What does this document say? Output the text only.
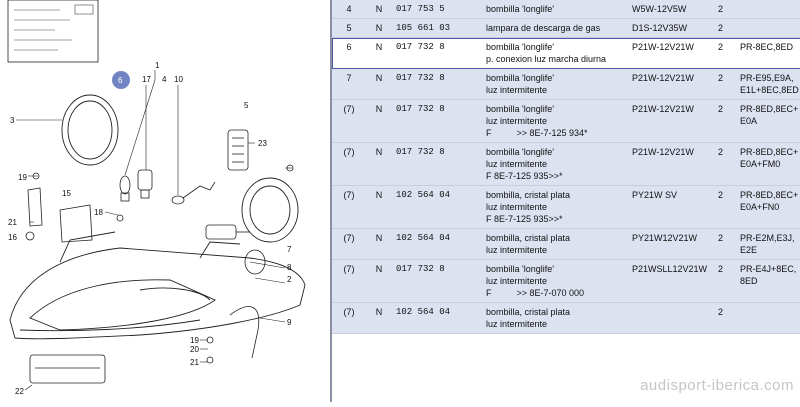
1
2
3
4
5
6
7
8
9
10
15
16
17
18
19
19
20
21
21
22
23
4	N	017 753 5	bombilla 'longlife'	W5W-12V5W	2	
5	N	105 661 03	lampara de descarga de gas	D1S-12V35W	2	
6	N	017 732 8	bombilla 'longlife'
p. conexion luz marcha diurna	P21W-12V21W	2	PR-8EC,8ED

7	N	017 732 8	bombilla 'longlife'
luz intermitente	P21W-12V21W	2	PR-E95,E9A,
E1L+8EC,8ED

(7)	N	017 732 8	bombilla 'longlife'
luz intermitente
F          >> 8E-7-125 934*	P21W-12V21W	2	PR-8ED,8EC+
E0A

(7)	N	017 732 8	bombilla 'longlife'
luz intermitente
F 8E-7-125 935>>*	P21W-12V21W	2	PR-8ED,8EC+
E0A+FM0

(7)	N	102 564 04	bombilla, cristal plata
luz intermitente
F 8E-7-125 935>>*	PY21W SV	2	PR-8ED,8EC+
E0A+FN0

(7)	N	102 564 04	bombilla, cristal plata
luz intermitente	PY21W12V21W	2	PR-E2M,E3J,
E2E

(7)	N	017 732 8	bombilla 'longlife'
luz intermitente
F          >> 8E-7-070 000	P21WSLL12V21W	2	PR-E4J+8EC,
8ED

(7)	N	102 564 04	bombilla, cristal plata
luz intermitente		2	
audisport-iberica.com
